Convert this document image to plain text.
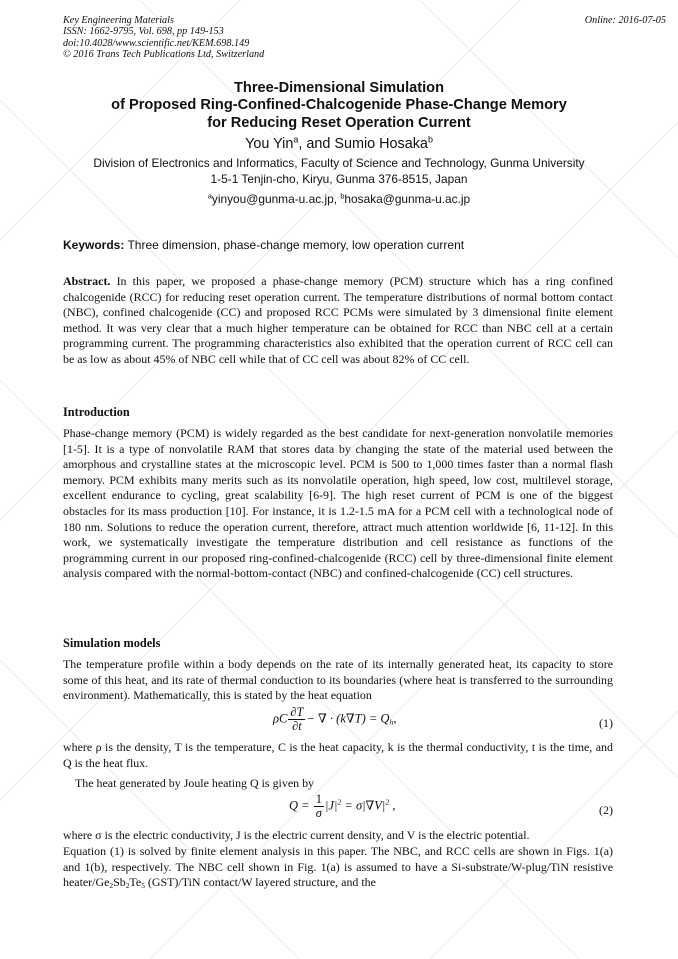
Key Engineering Materials
ISSN: 1662-9795, Vol. 698, pp 149-153
doi:10.4028/www.scientific.net/KEM.698.149
© 2016 Trans Tech Publications Ltd, Switzerland
Online: 2016-07-05
Three-Dimensional Simulation
of Proposed Ring-Confined-Chalcogenide Phase-Change Memory
for Reducing Reset Operation Current
You Yin$^a$, and Sumio Hosaka$^b$
Division of Electronics and Informatics, Faculty of Science and Technology, Gunma University
1-5-1 Tenjin-cho, Kiryu, Gunma 376-8515, Japan
$^a$yinyou@gunma-u.ac.jp, $^b$hosaka@gunma-u.ac.jp
Keywords: Three dimension, phase-change memory, low operation current
Abstract. In this paper, we proposed a phase-change memory (PCM) structure which has a ring confined chalcogenide (RCC) for reducing reset operation current. The temperature distributions of normal bottom contact (NBC), confined chalcogenide (CC) and proposed RCC PCMs were simulated by 3 dimensional finite element method. It was very clear that a much higher temperature can be obtained for RCC than NBC cell at a certain programming current. The programming characteristics also exhibited that the operation current of RCC cell can be as low as about 45% of NBC cell while that of CC cell was about 82% of CC cell.
Introduction
Phase-change memory (PCM) is widely regarded as the best candidate for next-generation nonvolatile memories [1-5]. It is a type of nonvolatile RAM that stores data by changing the state of the material used between the amorphous and crystalline states at the microscopic level. PCM is 500 to 1,000 times faster than a normal flash memory. PCM exhibits many merits such as its nonvolatile operation, high speed, low cost, multilevel storage, excellent endurance to cycling, great scalability [6-9]. The high reset current of PCM is one of the biggest obstacles for its mass production [10]. For instance, it is 1.2-1.5 mA for a PCM cell with a technological node of 180 nm. Solutions to reduce the operation current, therefore, attract much attention worldwide [6, 11-12]. In this work, we systematically investigate the temperature distribution and cell resistance as functions of the programming current in our proposed ring-confined-chalcogenide (RCC) cell by three-dimensional finite element analysis compared with the normal-bottom-contact (NBC) and confined-chalcogenide (CC) cell structures.
Simulation models
The temperature profile within a body depends on the rate of its internally generated heat, its capacity to store some of this heat, and its rate of thermal conduction to its boundaries (where heat is transferred to the surrounding environment). Mathematically, this is stated by the heat equation
ρC $\frac{\partial T}{\partial t}$ − ∇ · $(k\nabla T) = Q_h$,	(1)
where ρ is the density, T is the temperature, C is the heat capacity, k is the thermal conductivity, t is the time, and Q is the heat flux.
The heat generated by Joule heating Q is given by
$Q = \frac{1}{\sigma} |J|^2 = \sigma|\nabla V|^2$ ,	(2)
where σ is the electric conductivity, J is the electric current density, and V is the electric potential.
Equation (1) is solved by finite element analysis in this paper. The NBC, and RCC cells are shown in Figs. 1(a) and 1(b), respectively. The NBC cell shown in Fig. 1(a) is assumed to have a Si-substrate/W-plug/TiN resistive heater/$Ge_2Sb_2Te_5$ (GST)/TiN contact/W layered structure, and the
